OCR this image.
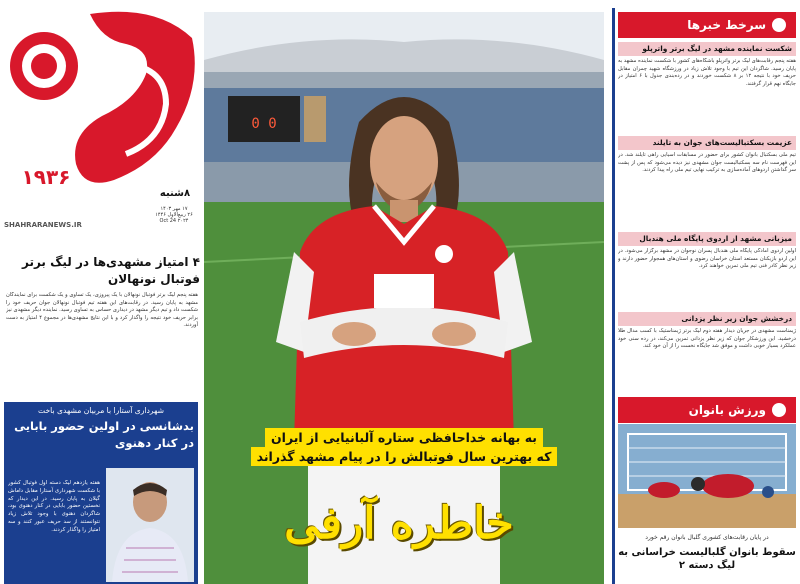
۱۹۳۶
۸شنبه
۱۷ مهر ۱۴۰۳
۲۶ ربیع‌الاول ۱۴۴۶
۲۰۲۴ Oct 24
SHAHRARANEWS.IR
۴ امتیاز مشهدی‌ها در لیگ برتر فوتبال نونهالان
هفته پنجم لیگ برتر فوتبال نونهالان با یک پیروزی، یک تساوی و یک شکست برای نمایندگان مشهد به پایان رسید. در رقابت‌های این هفته تیم فوتبال نونهالان جوان حریف خود را شکست داد و تیم دیگر مشهد در دیداری حساس به تساوی رسید. نماینده دیگر مشهدی نیز برابر حریف خود نتیجه را واگذار کرد و با این نتایج مشهدی‌ها در مجموع ۴ امتیاز به دست آوردند.
شهرداری آستارا با مربیان مشهدی باخت
بدشانسی در اولین حضور بابایی در کنار دهنوی
هفته یازدهم لیگ دسته اول فوتبال کشور با شکست شهرداری آستارا مقابل داماش گیلان به پایان رسید. در این دیدار که نخستین حضور بابایی در کنار دهنوی بود، شاگردان دهنوی با وجود تلاش زیاد نتوانستند از سد حریف عبور کنند و سه امتیاز را واگذار کردند.
0 0
به بهانه خداحافظی ستاره آلبانیایی از ایران
که بهترین سال فوتبالش را در پیام مشهد گذراند
خاطره آرفی
سرخط خبرها
شکست نماینده مشهد در لیگ برتر واترپلو
هفته پنجم رقابت‌های لیگ برتر واترپلو باشگاه‌های کشور با شکست نماینده مشهد به پایان رسید. شاگردان این تیم با وجود تلاش زیاد در ورزشگاه شهید چمران مقابل حریف خود با نتیجه ۱۲ بر ۸ شکست خوردند و در رده‌بندی جدول با ۶ امتیاز در جایگاه نهم قرار گرفتند.
عزیمت بسکتبالیست‌های جوان به تایلند
تیم ملی بسکتبال بانوان کشور برای حضور در مسابقات آسیایی راهی تایلند شد. در این فهرست نام سه بسکتبالیست جوان مشهدی نیز دیده می‌شود که پس از پشت سر گذاشتن اردوهای آماده‌سازی به ترکیب نهایی تیم ملی راه پیدا کردند.
میزبانی مشهد از اردوی پایگاه ملی هندبال
اولین اردوی آمادگی پایگاه ملی هندبال پسران نوجوان در مشهد برگزار می‌شود. در این اردو بازیکنان مستعد استان خراسان رضوی و استان‌های همجوار حضور دارند و زیر نظر کادر فنی تیم ملی تمرین خواهند کرد.
درخشش جوان زیر نظر یزدانی
ژیمناست مشهدی در جریان دیدار هفته دوم لیگ برتر ژیمناستیک با کسب مدال طلا درخشید. این ورزشکار جوان که زیر نظر یزدانی تمرین می‌کند، در رده سنی خود عملکرد بسیار خوبی داشت و موفق شد جایگاه نخست را از آن خود کند.
ورزش بانوان
در پایان رقابت‌های کشوری گلبال بانوان رقم خورد
سقوط بانوان گلبالیست خراسانی به لیگ دسته ۲
